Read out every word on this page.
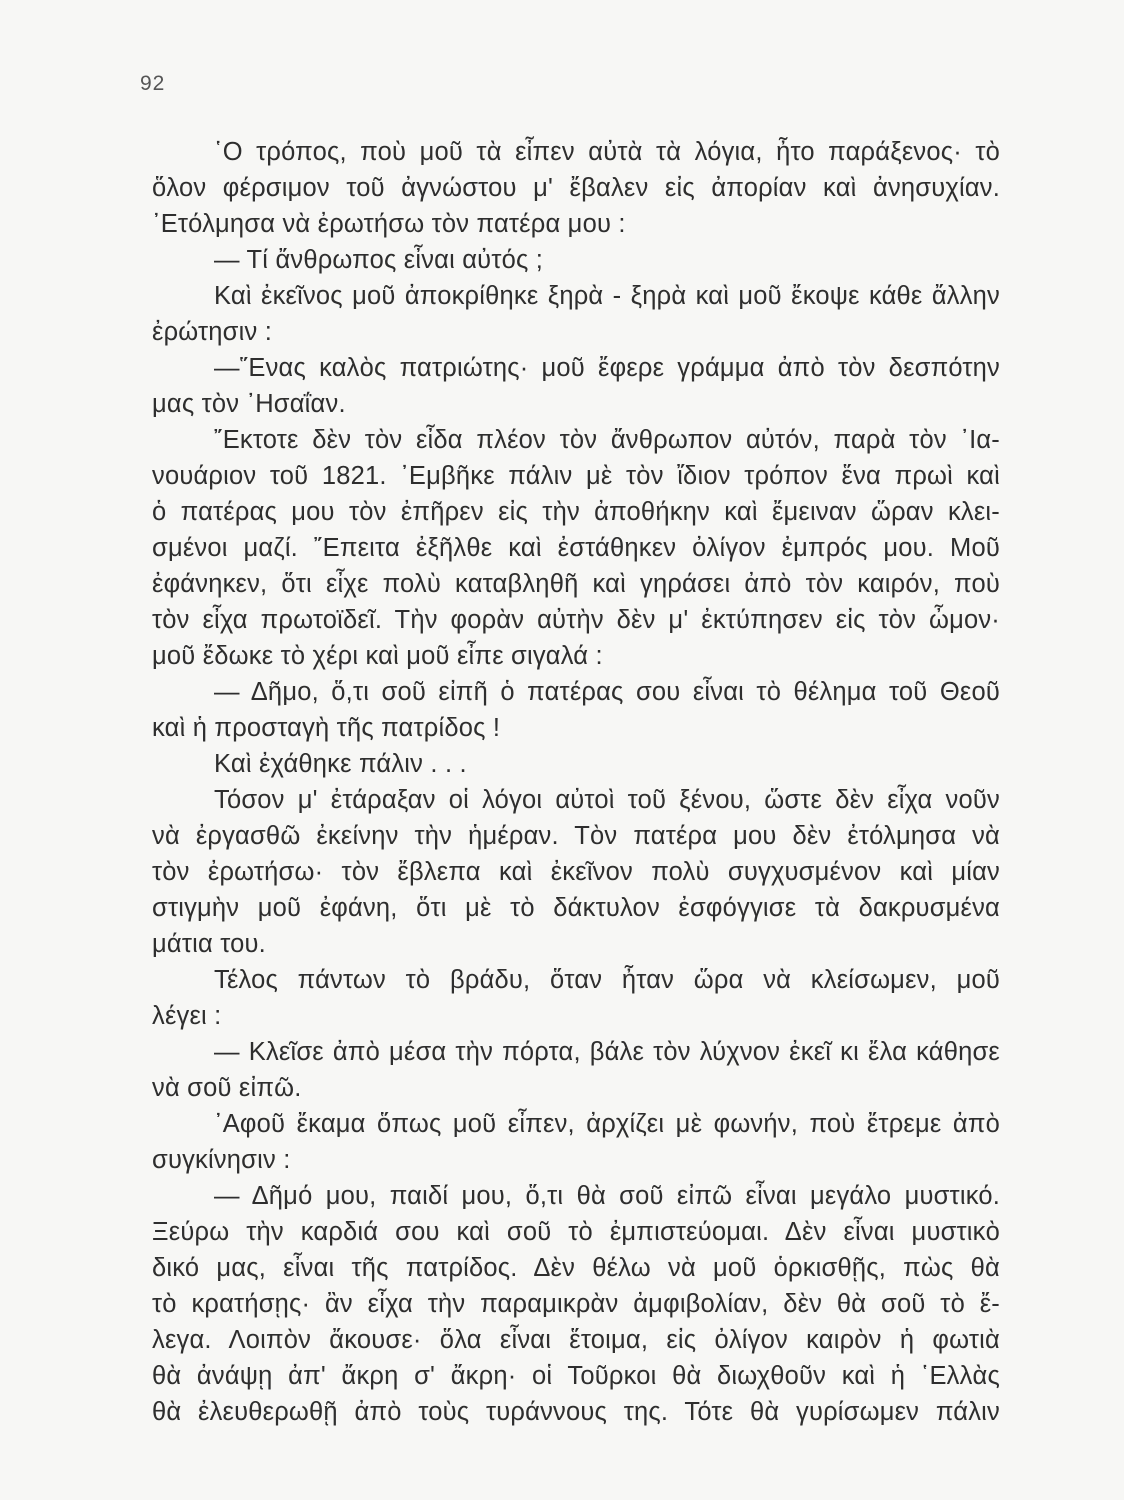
92
῾Ο τρόπος, ποὺ μοῦ τὰ εἶπεν αὐτὰ τὰ λόγια, ἦτο παράξενος· τὸ
ὅλον φέρσιμον τοῦ ἀγνώστου μ' ἔβαλεν εἰς ἀπορίαν καὶ ἀνησυχίαν.
᾽Ετόλμησα νὰ ἐρωτήσω τὸν πατέρα μου :
— Τί ἄνθρωπος εἶναι αὐτός ;
Καὶ ἐκεῖνος μοῦ ἀποκρίθηκε ξηρὰ - ξηρὰ καὶ μοῦ ἔκοψε κάθε ἄλλην
ἐρώτησιν :
—῞Ενας καλὸς πατριώτης· μοῦ ἔφερε γράμμα ἀπὸ τὸν δεσπότην
μας τὸν ᾽Ησαΐαν.
῎Εκτοτε δὲν τὸν εἶδα πλέον τὸν ἄνθρωπον αὐτόν, παρὰ τὸν ᾽Ια-
νουάριον τοῦ 1821. ᾽Εμβῆκε πάλιν μὲ τὸν ἴδιον τρόπον ἕνα πρωὶ καὶ
ὁ πατέρας μου τὸν ἐπῆρεν εἰς τὴν ἀποθήκην καὶ ἔμειναν ὥραν κλει-
σμένοι μαζί. ῎Επειτα ἐξῆλθε καὶ ἐστάθηκεν ὀλίγον ἐμπρός μου. Μοῦ
ἐφάνηκεν, ὅτι εἶχε πολὺ καταβληθῆ καὶ γηράσει ἀπὸ τὸν καιρόν, ποὺ
τὸν εἶχα πρωτοϊδεῖ. Τὴν φορὰν αὐτὴν δὲν μ' ἐκτύπησεν εἰς τὸν ὦμον·
μοῦ ἔδωκε τὸ χέρι καὶ μοῦ εἶπε σιγαλά :
— Δῆμο, ὅ,τι σοῦ εἰπῆ ὁ πατέρας σου εἶναι τὸ θέλημα τοῦ Θεοῦ
καὶ ἡ προσταγὴ τῆς πατρίδος !
Καὶ ἐχάθηκε πάλιν . . .
Τόσον μ' ἐτάραξαν οἱ λόγοι αὐτοὶ τοῦ ξένου, ὥστε δὲν εἶχα νοῦν
νὰ ἐργασθῶ ἐκείνην τὴν ἡμέραν. Τὸν πατέρα μου δὲν ἐτόλμησα νὰ
τὸν ἐρωτήσω· τὸν ἔβλεπα καὶ ἐκεῖνον πολὺ συγχυσμένον καὶ μίαν
στιγμὴν μοῦ ἐφάνη, ὅτι μὲ τὸ δάκτυλον ἐσφόγγισε τὰ δακρυσμένα
μάτια του.
Τέλος πάντων τὸ βράδυ, ὅταν ἦταν ὥρα νὰ κλείσωμεν, μοῦ
λέγει :
— Κλεῖσε ἀπὸ μέσα τὴν πόρτα, βάλε τὸν λύχνον ἐκεῖ κι ἔλα κάθησε
νὰ σοῦ εἰπῶ.
᾽Αφοῦ ἔκαμα ὅπως μοῦ εἶπεν, ἀρχίζει μὲ φωνήν, ποὺ ἔτρεμε ἀπὸ
συγκίνησιν :
— Δῆμό μου, παιδί μου, ὅ,τι θὰ σοῦ εἰπῶ εἶναι μεγάλο μυστικό.
Ξεύρω τὴν καρδιά σου καὶ σοῦ τὸ ἐμπιστεύομαι. Δὲν εἶναι μυστικὸ
δικό μας, εἶναι τῆς πατρίδος. Δὲν θέλω νὰ μοῦ ὁρκισθῇς, πὼς θὰ
τὸ κρατήσῃς· ἂν εἶχα τὴν παραμικρὰν ἀμφιβολίαν, δὲν θὰ σοῦ τὸ ἔ-
λεγα. Λοιπὸν ἄκουσε· ὅλα εἶναι ἕτοιμα, εἰς ὀλίγον καιρὸν ἡ φωτιὰ
θὰ ἀνάψῃ ἀπ' ἄκρη σ' ἄκρη· οἱ Τοῦρκοι θὰ διωχθοῦν καὶ ἡ ῾Ελλὰς
θὰ ἐλευθερωθῇ ἀπὸ τοὺς τυράννους της. Τότε θὰ γυρίσωμεν πάλιν
